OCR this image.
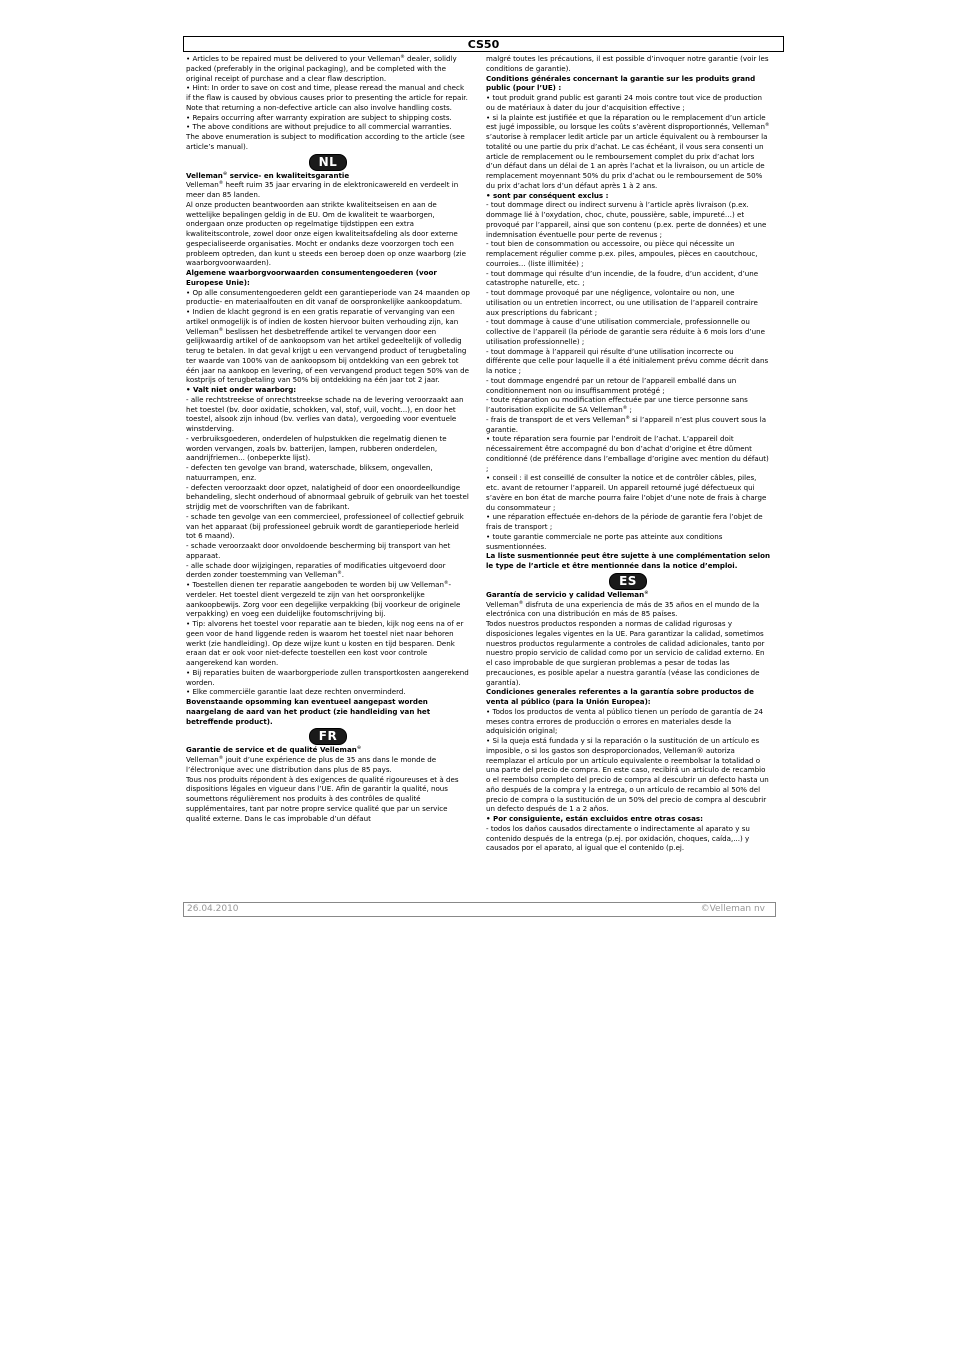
CS50

• Articles to be repaired must be delivered to your Velleman® dealer, solidly packed (preferably in the original packaging), and be completed with the original receipt of purchase and a clear flaw description.

• Hint: In order to save on cost and time, please reread the manual and check if the flaw is caused by obvious causes prior to presenting the article for repair. Note that returning a non-defective article can also involve handling costs.

• Repairs occurring after warranty expiration are subject to shipping costs.

• The above conditions are without prejudice to all commercial warranties.

The above enumeration is subject to modification according to the article (see article’s manual).

NL

Velleman® service- en kwaliteitsgarantie

Velleman® heeft ruim 35 jaar ervaring in de elektronicawereld en verdeelt in meer dan 85 landen.

Al onze producten beantwoorden aan strikte kwaliteitseisen en aan de wettelijke bepalingen geldig in de EU. Om de kwaliteit te waarborgen, ondergaan onze producten op regelmatige tijdstippen een extra kwaliteitscontrole, zowel door onze eigen kwaliteitsafdeling als door externe gespecialiseerde organisaties. Mocht er ondanks deze voorzorgen toch een probleem optreden, dan kunt u steeds een beroep doen op onze waarborg (zie waarborgvoorwaarden).

Algemene waarborgvoorwaarden consumentengoederen (voor Europese Unie):

• Op alle consumentengoederen geldt een garantieperiode van 24 maanden op productie- en materiaalfouten en dit vanaf de oorspronkelijke aankoopdatum.

• Indien de klacht gegrond is en een gratis reparatie of vervanging van een artikel onmogelijk is of indien de kosten hiervoor buiten verhouding zijn, kan Velleman® beslissen het desbetreffende artikel te vervangen door een gelijkwaardig artikel of de aankoopsom van het artikel gedeeltelijk of volledig terug te betalen. In dat geval krijgt u een vervangend product of terugbetaling ter waarde van 100% van de aankoopsom bij ontdekking van een gebrek tot één jaar na aankoop en levering, of een vervangend product tegen 50% van de kostprijs of terugbetaling van 50% bij ontdekking na één jaar tot 2 jaar.

• Valt niet onder waarborg:

- alle rechtstreekse of onrechtstreekse schade na de levering veroorzaakt aan het toestel (bv. door oxidatie, schokken, val, stof, vuil, vocht...), en door het toestel, alsook zijn inhoud (bv. verlies van data), vergoeding voor eventuele winstderving.

- verbruiksgoederen, onderdelen of hulpstukken die regelmatig dienen te worden vervangen, zoals bv. batterijen, lampen, rubberen onderdelen, aandrijfriemen... (onbeperkte lijst).

- defecten ten gevolge van brand, waterschade, bliksem, ongevallen, natuurrampen, enz.

- defecten veroorzaakt door opzet, nalatigheid of door een onoordeelkundige behandeling, slecht onderhoud of abnormaal gebruik of gebruik van het toestel strijdig met de voorschriften van de fabrikant.

- schade ten gevolge van een commercieel, professioneel of collectief gebruik van het apparaat (bij professioneel gebruik wordt de garantieperiode herleid tot 6 maand).

- schade veroorzaakt door onvoldoende bescherming bij transport van het apparaat.

- alle schade door wijzigingen, reparaties of modificaties uitgevoerd door derden zonder toestemming van Velleman®.

• Toestellen dienen ter reparatie aangeboden te worden bij uw Velleman®-verdeler. Het toestel dient vergezeld te zijn van het oorspronkelijke aankoopbewijs. Zorg voor een degelijke verpakking (bij voorkeur de originele verpakking) en voeg een duidelijke foutomschrijving bij.

• Tip: alvorens het toestel voor reparatie aan te bieden, kijk nog eens na of er geen voor de hand liggende reden is waarom het toestel niet naar behoren werkt (zie handleiding). Op deze wijze kunt u kosten en tijd besparen. Denk eraan dat er ook voor niet-defecte toestellen een kost voor controle aangerekend kan worden.

• Bij reparaties buiten de waarborgperiode zullen transportkosten aangerekend worden.

• Elke commerciële garantie laat deze rechten onverminderd.

Bovenstaande opsomming kan eventueel aangepast worden naargelang de aard van het product (zie handleiding van het betreffende product).

FR

Garantie de service et de qualité Velleman®

Velleman® jouit d’une expérience de plus de 35 ans dans le monde de l’électronique avec une distribution dans plus de 85 pays.

Tous nos produits répondent à des exigences de qualité rigoureuses et à des dispositions légales en vigueur dans l’UE. Afin de garantir la qualité, nous soumettons régulièrement nos produits à des contrôles de qualité supplémentaires, tant par notre propre service qualité que par un service qualité externe. Dans le cas improbable d’un défaut

malgré toutes les précautions, il est possible d’invoquer notre garantie (voir les conditions de garantie).

Conditions générales concernant la garantie sur les produits grand public (pour l’UE) :

• tout produit grand public est garanti 24 mois contre tout vice de production ou de matériaux à dater du jour d’acquisition effective ;

• si la plainte est justifiée et que la réparation ou le remplacement d’un article est jugé impossible, ou lorsque les coûts s’avèrent disproportionnés, Velleman® s’autorise à remplacer ledit article par un article équivalent ou à rembourser la totalité ou une partie du prix d’achat. Le cas échéant, il vous sera consenti un article de remplacement ou le remboursement complet du prix d’achat lors d’un défaut dans un délai de 1 an après l’achat et la livraison, ou un article de remplacement moyennant 50% du prix d’achat ou le remboursement de 50% du prix d’achat lors d’un défaut après 1 à 2 ans.

• sont par conséquent exclus :

- tout dommage direct ou indirect survenu à l’article après livraison (p.ex. dommage lié à l’oxydation, choc, chute, poussière, sable, impureté…) et provoqué par l’appareil, ainsi que son contenu (p.ex. perte de données) et une indemnisation éventuelle pour perte de revenus ;

- tout bien de consommation ou accessoire, ou pièce qui nécessite un remplacement régulier comme p.ex. piles, ampoules, pièces en caoutchouc, courroies… (liste illimitée) ;

- tout dommage qui résulte d’un incendie, de la foudre, d’un accident, d’une catastrophe naturelle, etc. ;

- tout dommage provoqué par une négligence, volontaire ou non, une utilisation ou un entretien incorrect, ou une utilisation de l’appareil contraire aux prescriptions du fabricant ;

- tout dommage à cause d’une utilisation commerciale, professionnelle ou collective de l’appareil (la période de garantie sera réduite à 6 mois lors d’une utilisation professionnelle) ;

- tout dommage à l’appareil qui résulte d’une utilisation incorrecte ou différente que celle pour laquelle il a été initialement prévu comme décrit dans la notice ;

- tout dommage engendré par un retour de l’appareil emballé dans un conditionnement non ou insuffisamment protégé ;

- toute réparation ou modification effectuée par une tierce personne sans l’autorisation explicite de SA Velleman® ;

- frais de transport de et vers Velleman® si l’appareil n’est plus couvert sous la garantie.

• toute réparation sera fournie par l’endroit de l’achat. L’appareil doit nécessairement être accompagné du bon d’achat d’origine et être dûment conditionné (de préférence dans l’emballage d’origine avec mention du défaut) ;

• conseil : il est conseillé de consulter la notice et de contrôler câbles, piles, etc. avant de retourner l’appareil. Un appareil retourné jugé défectueux qui s’avère en bon état de marche pourra faire l’objet d’une note de frais à charge du consommateur ;

• une réparation effectuée en-dehors de la période de garantie fera l’objet de frais de transport ;

• toute garantie commerciale ne porte pas atteinte aux conditions susmentionnées.

La liste susmentionnée peut être sujette à une complémentation selon le type de l’article et être mentionnée dans la notice d’emploi.

ES

Garantía de servicio y calidad Velleman®

Velleman® disfruta de una experiencia de más de 35 años en el mundo de la electrónica con una distribución en más de 85 países.

Todos nuestros productos responden a normas de calidad rigurosas y disposiciones legales vigentes en la UE. Para garantizar la calidad, sometimos nuestros productos regularmente a controles de calidad adicionales, tanto por nuestro propio servicio de calidad como por un servicio de calidad externo. En el caso improbable de que surgieran problemas a pesar de todas las precauciones, es posible apelar a nuestra garantía (véase las condiciones de garantía).

Condiciones generales referentes a la garantía sobre productos de venta al público (para la Unión Europea):

• Todos los productos de venta al público tienen un período de garantía de 24 meses contra errores de producción o errores en materiales desde la adquisición original;

• Si la queja está fundada y si la reparación o la sustitución de un artículo es imposible, o si los gastos son desproporcionados, Velleman® autoriza reemplazar el artículo por un artículo equivalente o reembolsar la totalidad o una parte del precio de compra. En este caso, recibirá un artículo de recambio o el reembolso completo del precio de compra al descubrir un defecto hasta un año después de la compra y la entrega, o un artículo de recambio al 50% del precio de compra o la sustitución de un 50% del precio de compra al descubrir un defecto después de 1 a 2 años.

• Por consiguiente, están excluidos entre otras cosas:

- todos los daños causados directamente o indirectamente al aparato y su contenido después de la entrega (p.ej. por oxidación, choques, caída,...) y causados por el aparato, al igual que el contenido (p.ej.

26.04.2010	©Velleman nv
